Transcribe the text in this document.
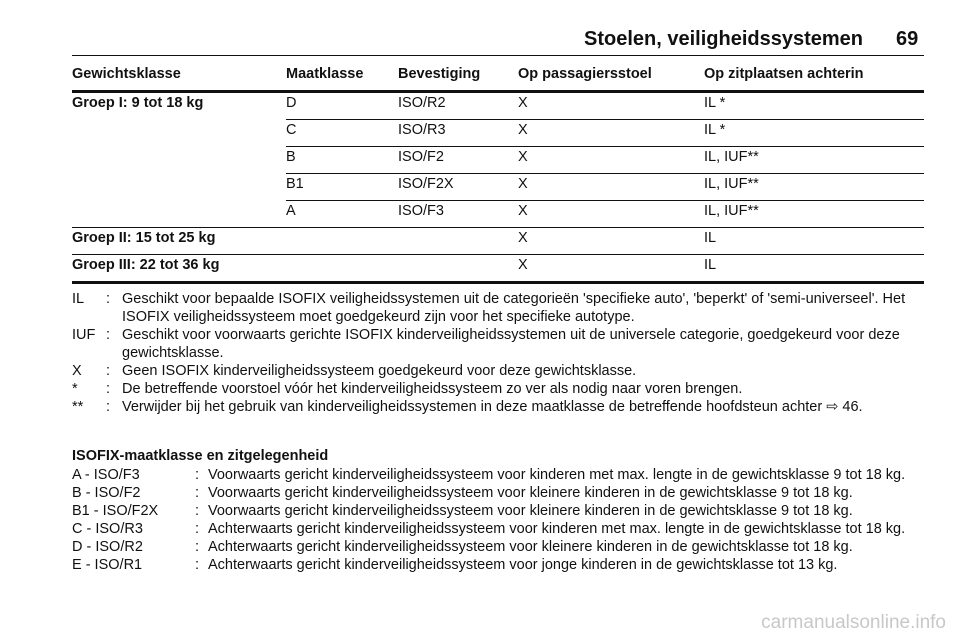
Stoelen, veiligheidssystemen 69
Gewichtsklasse	Maatklasse	Bevestiging	Op passagiersstoel	Op zitplaatsen achterin
Groep I: 9 tot 18 kg	D	ISO/R2	X	IL *
	C	ISO/R3	X	IL *
	B	ISO/F2	X	IL, IUF**
	B1	ISO/F2X	X	IL, IUF**
	A	ISO/F3	X	IL, IUF**
Groep II: 15 tot 25 kg			X	IL
Groep III: 22 tot 36 kg			X	IL
IL	: Geschikt voor bepaalde ISOFIX veiligheidssystemen uit de categorieën 'specifieke auto', 'beperkt' of 'semi-universeel'. Het ISOFIX veiligheidssysteem moet goedgekeurd zijn voor het specifieke autotype.
IUF : Geschikt voor voorwaarts gerichte ISOFIX kinderveiligheidssystemen uit de universele categorie, goedgekeurd voor deze gewichtsklasse.
X	: Geen ISOFIX kinderveiligheidssysteem goedgekeurd voor deze gewichtsklasse.
*	: De betreffende voorstoel vóór het kinderveiligheidssysteem zo ver als nodig naar voren brengen.
**	: Verwijder bij het gebruik van kinderveiligheidssystemen in deze maatklasse de betreffende hoofdsteun achter ⇨ 46.
ISOFIX-maatklasse en zitgelegenheid
A - ISO/F3	: Voorwaarts gericht kinderveiligheidssysteem voor kinderen met max. lengte in de gewichtsklasse 9 tot 18 kg.
B - ISO/F2	: Voorwaarts gericht kinderveiligheidssysteem voor kleinere kinderen in de gewichtsklasse 9 tot 18 kg.
B1 - ISO/F2X	: Voorwaarts gericht kinderveiligheidssysteem voor kleinere kinderen in de gewichtsklasse 9 tot 18 kg.
C - ISO/R3	: Achterwaarts gericht kinderveiligheidssysteem voor kinderen met max. lengte in de gewichtsklasse tot 18 kg.
D - ISO/R2	: Achterwaarts gericht kinderveiligheidssysteem voor kleinere kinderen in de gewichtsklasse tot 18 kg.
E - ISO/R1	: Achterwaarts gericht kinderveiligheidssysteem voor jonge kinderen in de gewichtsklasse tot 13 kg.
carmanualsonline.info
